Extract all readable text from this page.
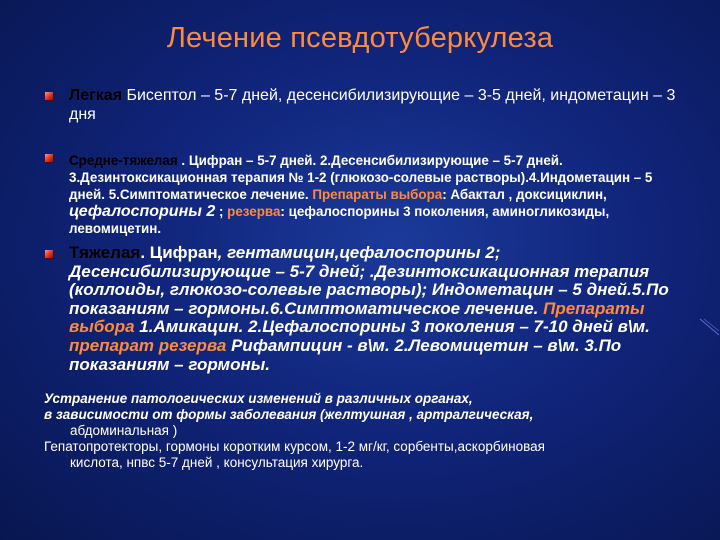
Лечение псевдотуберкулеза
Легкая Бисептол – 5-7 дней, десенсибилизирующие – 3-5 дней, индометацин – 3 дня
Средне-тяжелая . Цифран – 5-7 дней. 2.Десенсибилизирующие – 5-7 дней. 3.Дезинтоксикационная терапия № 1-2 (глюкозо-солевые растворы).4.Индометацин – 5 дней. 5.Симптоматическое лечение. Препараты выбора: Абактал , доксициклин, цефалоспорины 2 ; резерва: цефалоспорины 3 поколения, аминогликозиды, левомицетин.
Тяжелая. Цифран, гентамицин,цефалоспорины 2; Десенсибилизирующие – 5-7 дней; .Дезинтоксикационная терапия (коллоиды, глюкозо-солевые растворы); Индометацин – 5 дней.5.По показаниям – гормоны.6.Симптоматическое лечение. Препараты выбора 1.Амикацин. 2.Цефалоспорины 3 поколения – 7-10 дней в\м. препарат резерва Рифампицин - в\м. 2.Левомицетин – в\м. 3.По показаниям – гормоны.
Устранение патологических изменений в различных органах,
в зависимости от формы заболевания (желтушная , артралгическая,
абдоминальная )
Гепатопротекторы, гормоны коротким курсом, 1-2 мг/кг, сорбенты,аскорбиновая
кислота, нпвс 5-7 дней , консультация хирурга.
